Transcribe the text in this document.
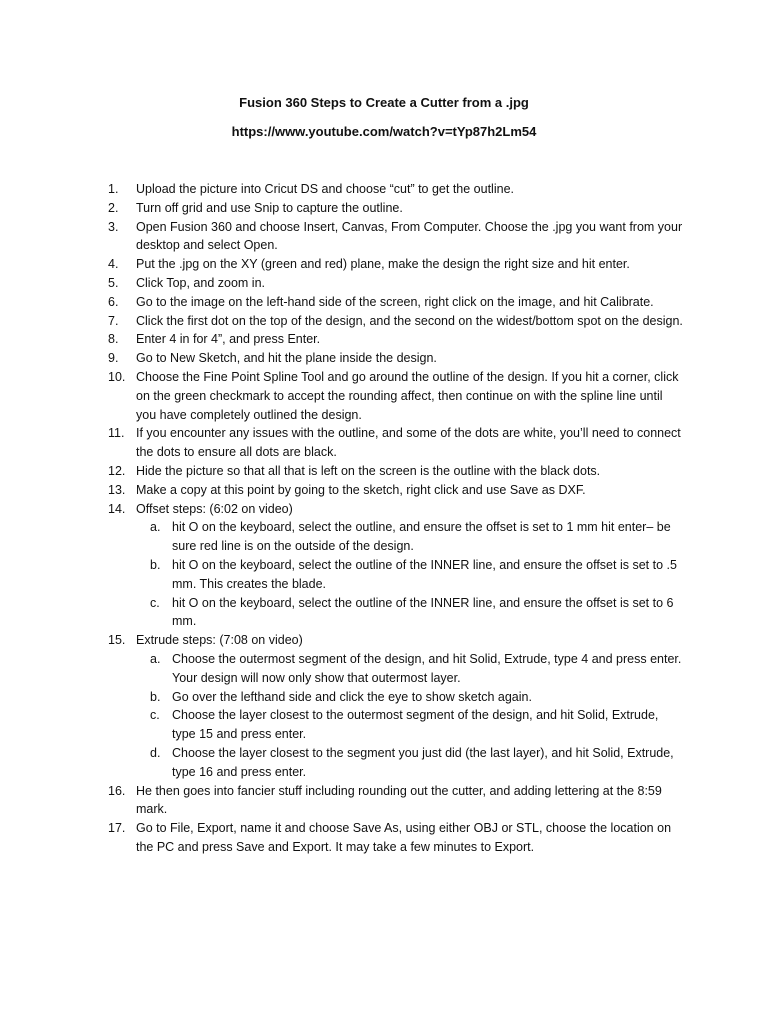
Fusion 360 Steps to Create a Cutter from a .jpg
https://www.youtube.com/watch?v=tYp87h2Lm54
1.	Upload the picture into Cricut DS and choose “cut” to get the outline.
2.	Turn off grid and use Snip to capture the outline.
3.	Open Fusion 360 and choose Insert, Canvas, From Computer. Choose the .jpg you want from your desktop and select Open.
4.	Put the .jpg on the XY (green and red) plane, make the design the right size and hit enter.
5.	Click Top, and zoom in.
6.	Go to the image on the left-hand side of the screen, right click on the image, and hit Calibrate.
7.	Click the first dot on the top of the design, and the second on the widest/bottom spot on the design.
8.	Enter 4 in for 4”, and press Enter.
9.	Go to New Sketch, and hit the plane inside the design.
10. Choose the Fine Point Spline Tool and go around the outline of the design. If you hit a corner, click on the green checkmark to accept the rounding affect, then continue on with the spline line until you have completely outlined the design.
11. If you encounter any issues with the outline, and some of the dots are white, you’ll need to connect the dots to ensure all dots are black.
12. Hide the picture so that all that is left on the screen is the outline with the black dots.
13. Make a copy at this point by going to the sketch, right click and use Save as DXF.
14. Offset steps: (6:02 on video)
a. hit O on the keyboard, select the outline, and ensure the offset is set to 1 mm hit enter– be sure red line is on the outside of the design.
b. hit O on the keyboard, select the outline of the INNER line, and ensure the offset is set to .5 mm. This creates the blade.
c. hit O on the keyboard, select the outline of the INNER line, and ensure the offset is set to 6 mm.
15. Extrude steps: (7:08 on video)
a. Choose the outermost segment of the design, and hit Solid, Extrude, type 4 and press enter. Your design will now only show that outermost layer.
b. Go over the lefthand side and click the eye to show sketch again.
c. Choose the layer closest to the outermost segment of the design, and hit Solid, Extrude, type 15 and press enter.
d. Choose the layer closest to the segment you just did (the last layer), and hit Solid, Extrude, type 16 and press enter.
16. He then goes into fancier stuff including rounding out the cutter, and adding lettering at the 8:59 mark.
17. Go to File, Export, name it and choose Save As, using either OBJ or STL, choose the location on the PC and press Save and Export. It may take a few minutes to Export.
